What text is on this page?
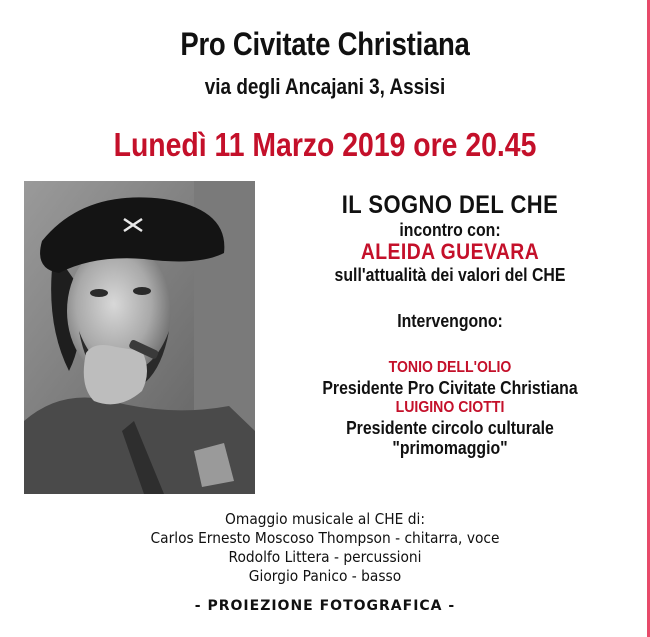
Pro Civitate Christiana
via degli Ancajani 3, Assisi
Lunedì 11 Marzo 2019 ore 20.45
IL SOGNO DEL CHE
incontro con:
ALEIDA GUEVARA
sull'attualità dei valori del CHE
Intervengono:
TONIO DELL'OLIO
Presidente Pro Civitate Christiana
LUIGINO CIOTTI
Presidente circolo culturale
"primomaggio"
Omaggio musicale al CHE di:
Carlos Ernesto Moscoso Thompson - chitarra, voce
Rodolfo Littera - percussioni
Giorgio Panico - basso
- PROIEZIONE FOTOGRAFICA -
